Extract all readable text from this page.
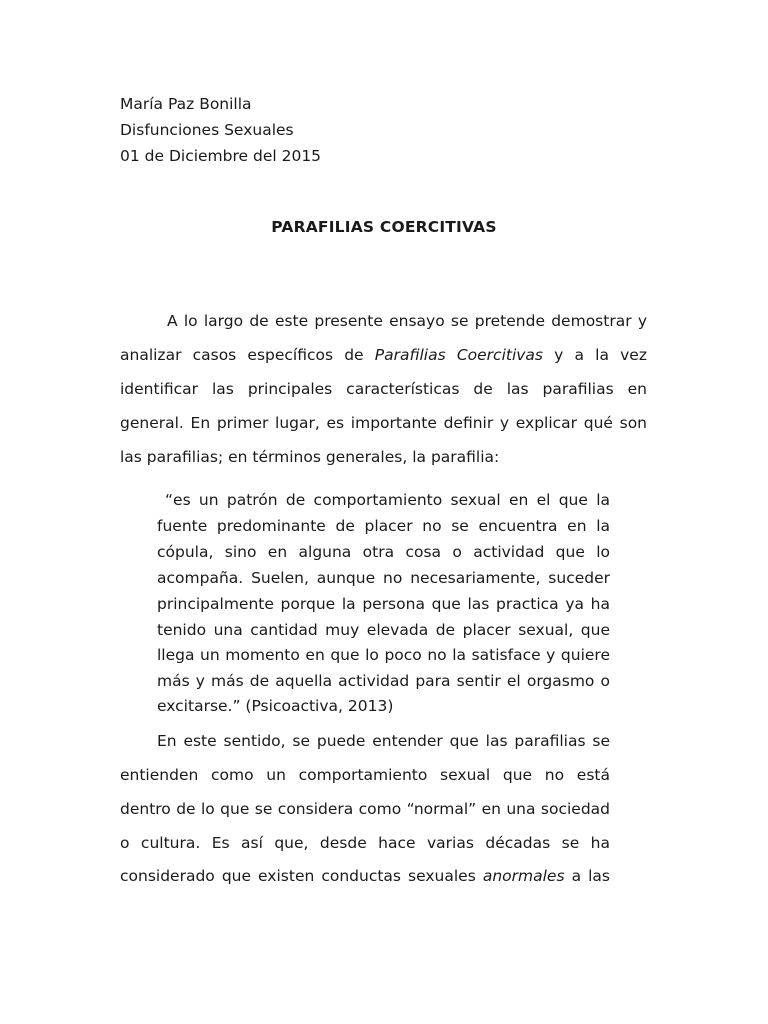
María Paz Bonilla
Disfunciones Sexuales
01 de Diciembre del 2015
PARAFILIAS COERCITIVAS
A lo largo de este presente ensayo se pretende demostrar y
analizar casos específicos de Parafilias Coercitivas y a la vez
identificar las principales características de las parafilias en
general. En primer lugar, es importante definir y explicar qué son
las parafilias; en términos generales, la parafilia:
“es un patrón de comportamiento sexual en el que la
fuente predominante de placer no se encuentra en la
cópula, sino en alguna otra cosa o actividad que lo
acompaña. Suelen, aunque no necesariamente, suceder
principalmente porque la persona que las practica ya ha
tenido una cantidad muy elevada de placer sexual, que
llega un momento en que lo poco no la satisface y quiere
más y más de aquella actividad para sentir el orgasmo o
excitarse.” (Psicoactiva, 2013)
En este sentido, se puede entender que las parafilias se
entienden como un comportamiento sexual que no está
dentro de lo que se considera como “normal” en una sociedad
o cultura. Es así que, desde hace varias décadas se ha
considerado que existen conductas sexuales anormales a las
